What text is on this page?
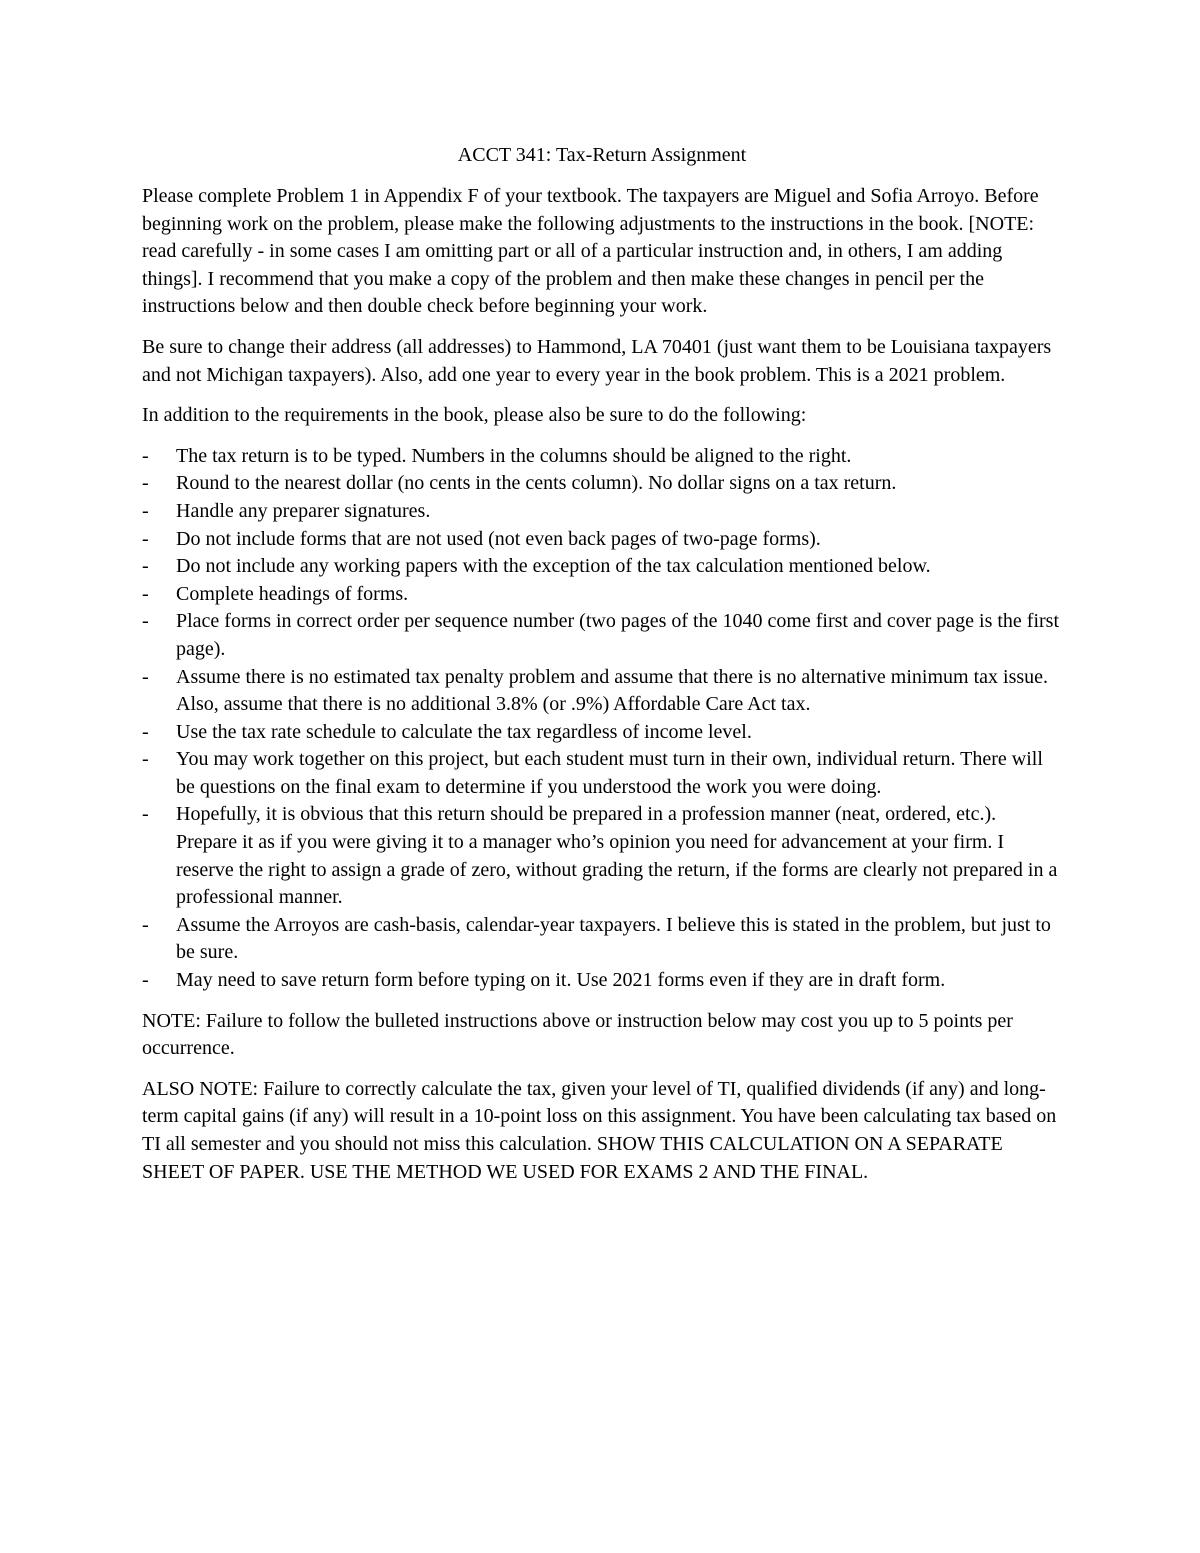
ACCT 341: Tax-Return Assignment

Please complete Problem 1 in Appendix F of your textbook. The taxpayers are Miguel and Sofia Arroyo. Before beginning work on the problem, please make the following adjustments to the instructions in the book. [NOTE: read carefully - in some cases I am omitting part or all of a particular instruction and, in others, I am adding things]. I recommend that you make a copy of the problem and then make these changes in pencil per the instructions below and then double check before beginning your work.

Be sure to change their address (all addresses) to Hammond, LA 70401 (just want them to be Louisiana taxpayers and not Michigan taxpayers). Also, add one year to every year in the book problem. This is a 2021 problem.

In addition to the requirements in the book, please also be sure to do the following:

-	The tax return is to be typed. Numbers in the columns should be aligned to the right.
-	Round to the nearest dollar (no cents in the cents column). No dollar signs on a tax return.
-	Handle any preparer signatures.
-	Do not include forms that are not used (not even back pages of two-page forms).
-	Do not include any working papers with the exception of the tax calculation mentioned below.
-	Complete headings of forms.
-	Place forms in correct order per sequence number (two pages of the 1040 come first and cover page is the first page).
-	Assume there is no estimated tax penalty problem and assume that there is no alternative minimum tax issue. Also, assume that there is no additional 3.8% (or .9%) Affordable Care Act tax.
-	Use the tax rate schedule to calculate the tax regardless of income level.
-	You may work together on this project, but each student must turn in their own, individual return. There will be questions on the final exam to determine if you understood the work you were doing.
-	Hopefully, it is obvious that this return should be prepared in a profession manner (neat, ordered, etc.). Prepare it as if you were giving it to a manager who’s opinion you need for advancement at your firm. I reserve the right to assign a grade of zero, without grading the return, if the forms are clearly not prepared in a professional manner.
-	Assume the Arroyos are cash-basis, calendar-year taxpayers. I believe this is stated in the problem, but just to be sure.
-	May need to save return form before typing on it. Use 2021 forms even if they are in draft form.

NOTE: Failure to follow the bulleted instructions above or instruction below may cost you up to 5 points per occurrence.

ALSO NOTE: Failure to correctly calculate the tax, given your level of TI, qualified dividends (if any) and long-term capital gains (if any) will result in a 10-point loss on this assignment. You have been calculating tax based on TI all semester and you should not miss this calculation. SHOW THIS CALCULATION ON A SEPARATE SHEET OF PAPER. USE THE METHOD WE USED FOR EXAMS 2 AND THE FINAL.
